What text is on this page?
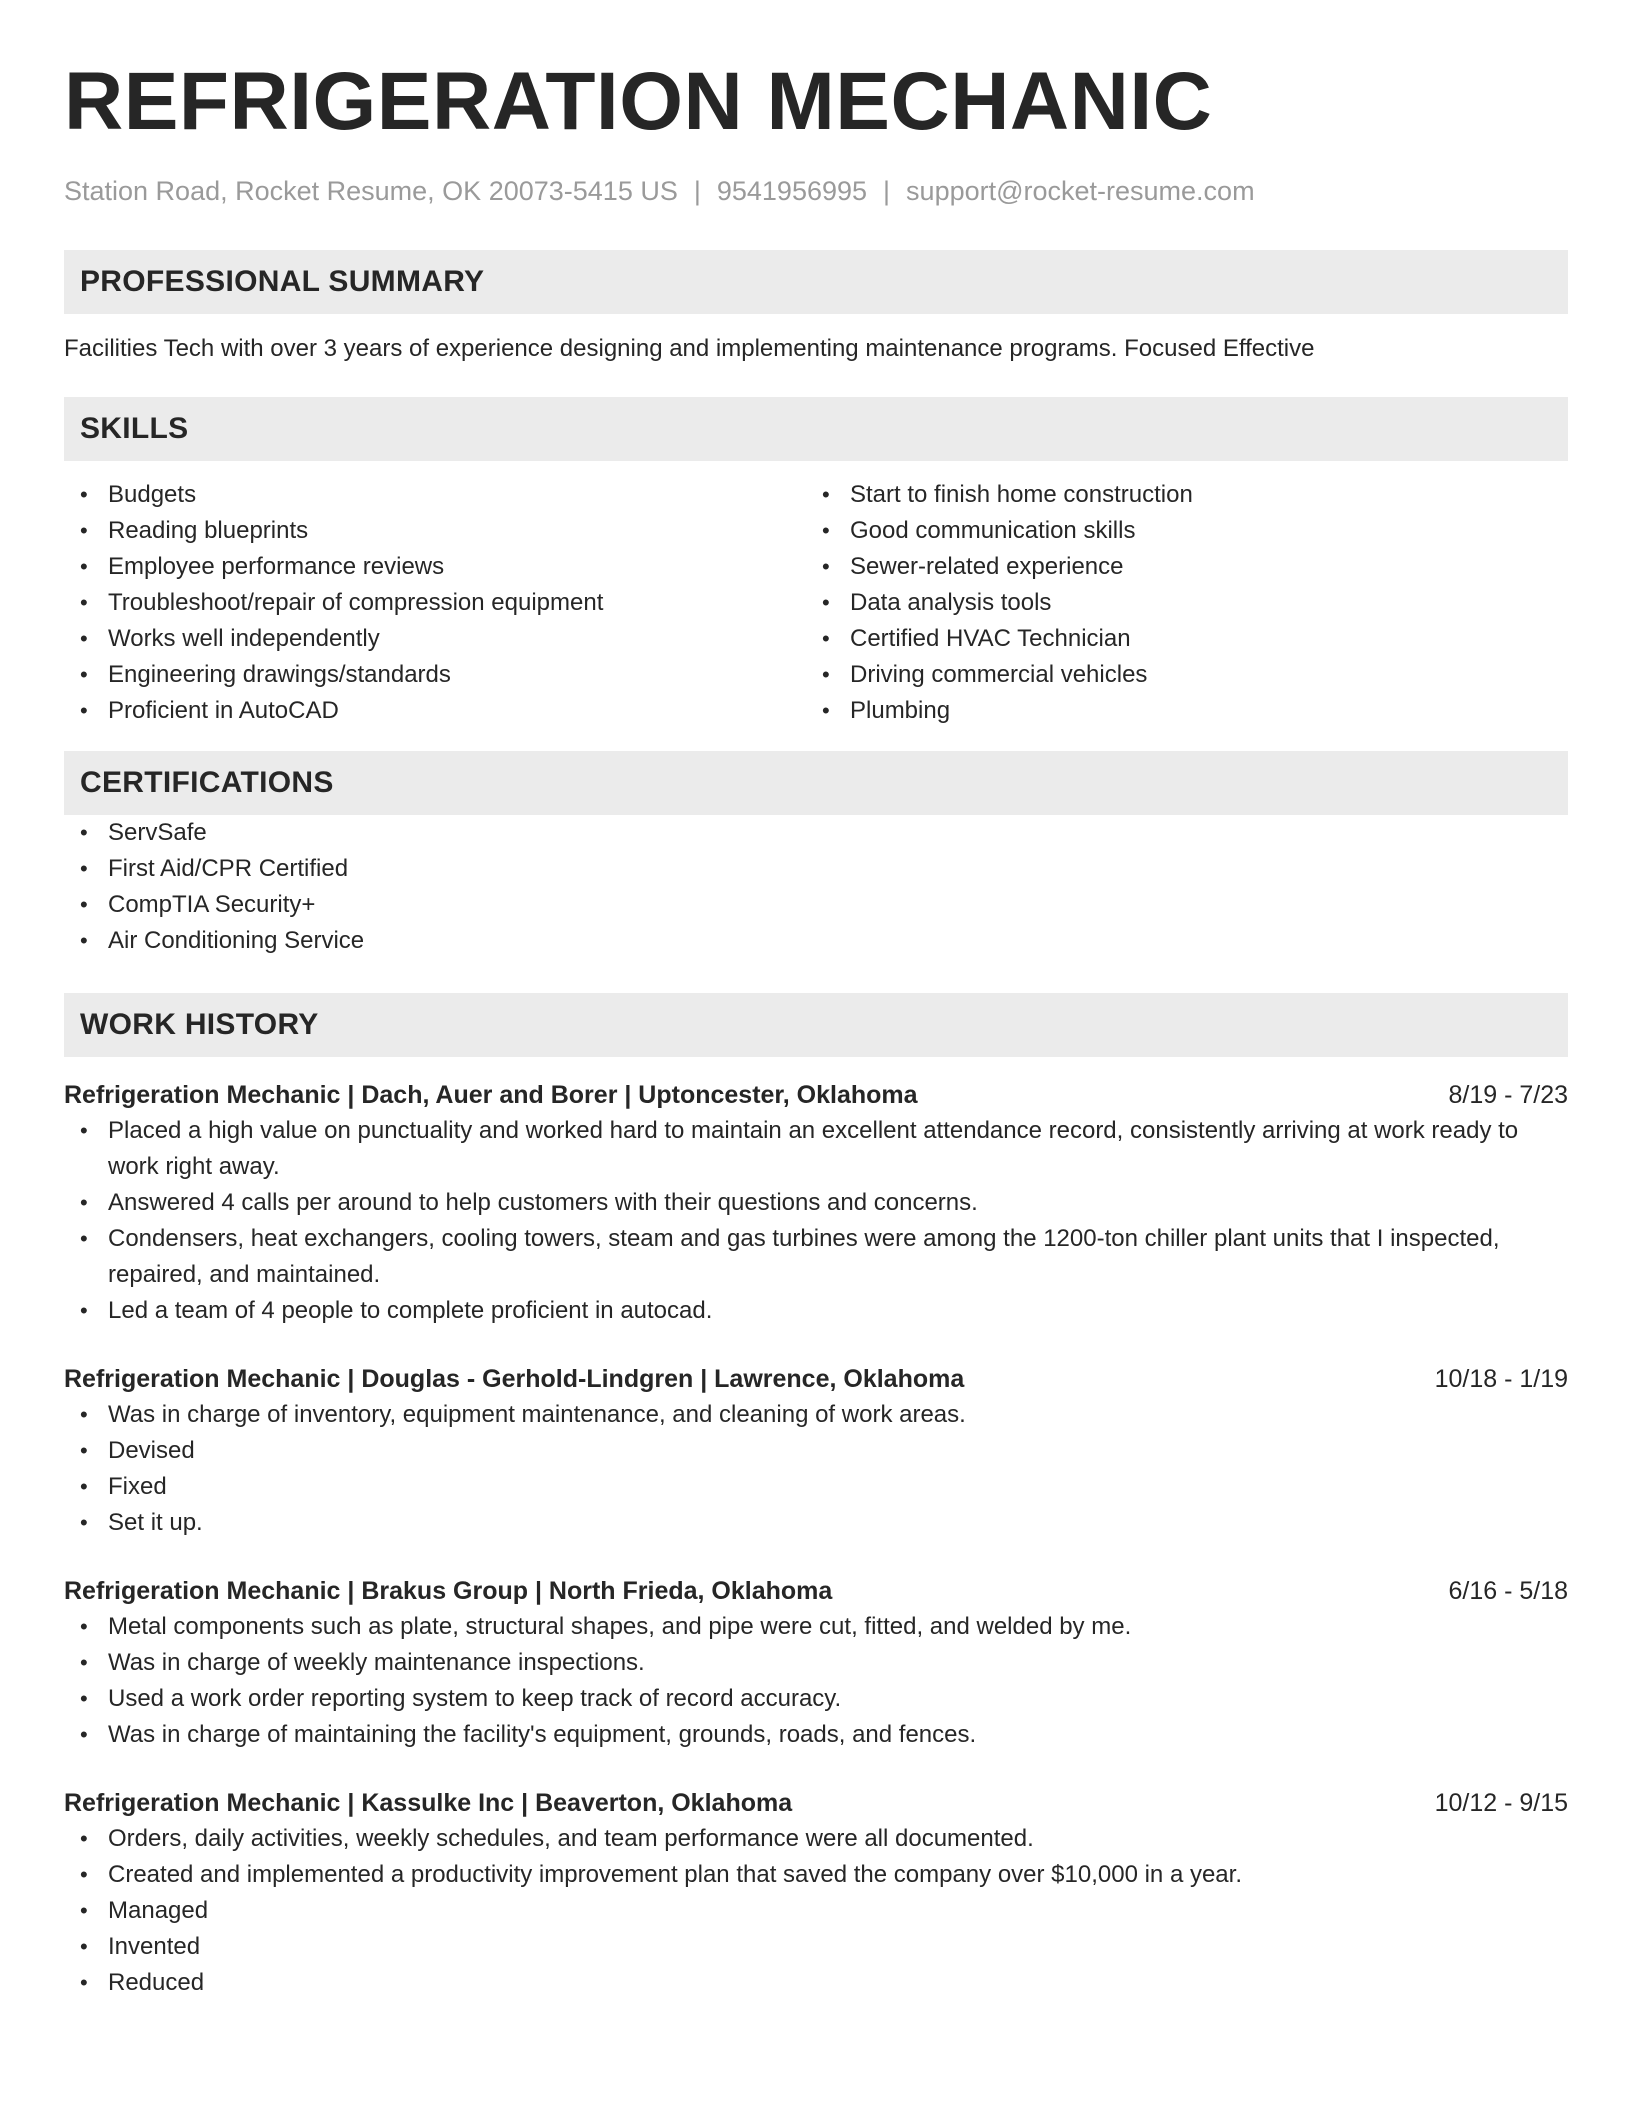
REFRIGERATION MECHANIC
Station Road, Rocket Resume, OK 20073-5415 US | 9541956995 | support@rocket-resume.com
PROFESSIONAL SUMMARY
Facilities Tech with over 3 years of experience designing and implementing maintenance programs. Focused Effective
SKILLS
• Budgets
• Reading blueprints
• Employee performance reviews
• Troubleshoot/repair of compression equipment
• Works well independently
• Engineering drawings/standards
• Proficient in AutoCAD
• Start to finish home construction
• Good communication skills
• Sewer-related experience
• Data analysis tools
• Certified HVAC Technician
• Driving commercial vehicles
• Plumbing
CERTIFICATIONS
• ServSafe
• First Aid/CPR Certified
• CompTIA Security+
• Air Conditioning Service
WORK HISTORY
Refrigeration Mechanic | Dach, Auer and Borer | Uptoncester, Oklahoma	8/19 - 7/23
• Placed a high value on punctuality and worked hard to maintain an excellent attendance record, consistently arriving at work ready to work right away.
• Answered 4 calls per around to help customers with their questions and concerns.
• Condensers, heat exchangers, cooling towers, steam and gas turbines were among the 1200-ton chiller plant units that I inspected, repaired, and maintained.
• Led a team of 4 people to complete proficient in autocad.
Refrigeration Mechanic | Douglas - Gerhold-Lindgren | Lawrence, Oklahoma	10/18 - 1/19
• Was in charge of inventory, equipment maintenance, and cleaning of work areas.
• Devised
• Fixed
• Set it up.
Refrigeration Mechanic | Brakus Group | North Frieda, Oklahoma	6/16 - 5/18
• Metal components such as plate, structural shapes, and pipe were cut, fitted, and welded by me.
• Was in charge of weekly maintenance inspections.
• Used a work order reporting system to keep track of record accuracy.
• Was in charge of maintaining the facility's equipment, grounds, roads, and fences.
Refrigeration Mechanic | Kassulke Inc | Beaverton, Oklahoma	10/12 - 9/15
• Orders, daily activities, weekly schedules, and team performance were all documented.
• Created and implemented a productivity improvement plan that saved the company over $10,000 in a year.
• Managed
• Invented
• Reduced
